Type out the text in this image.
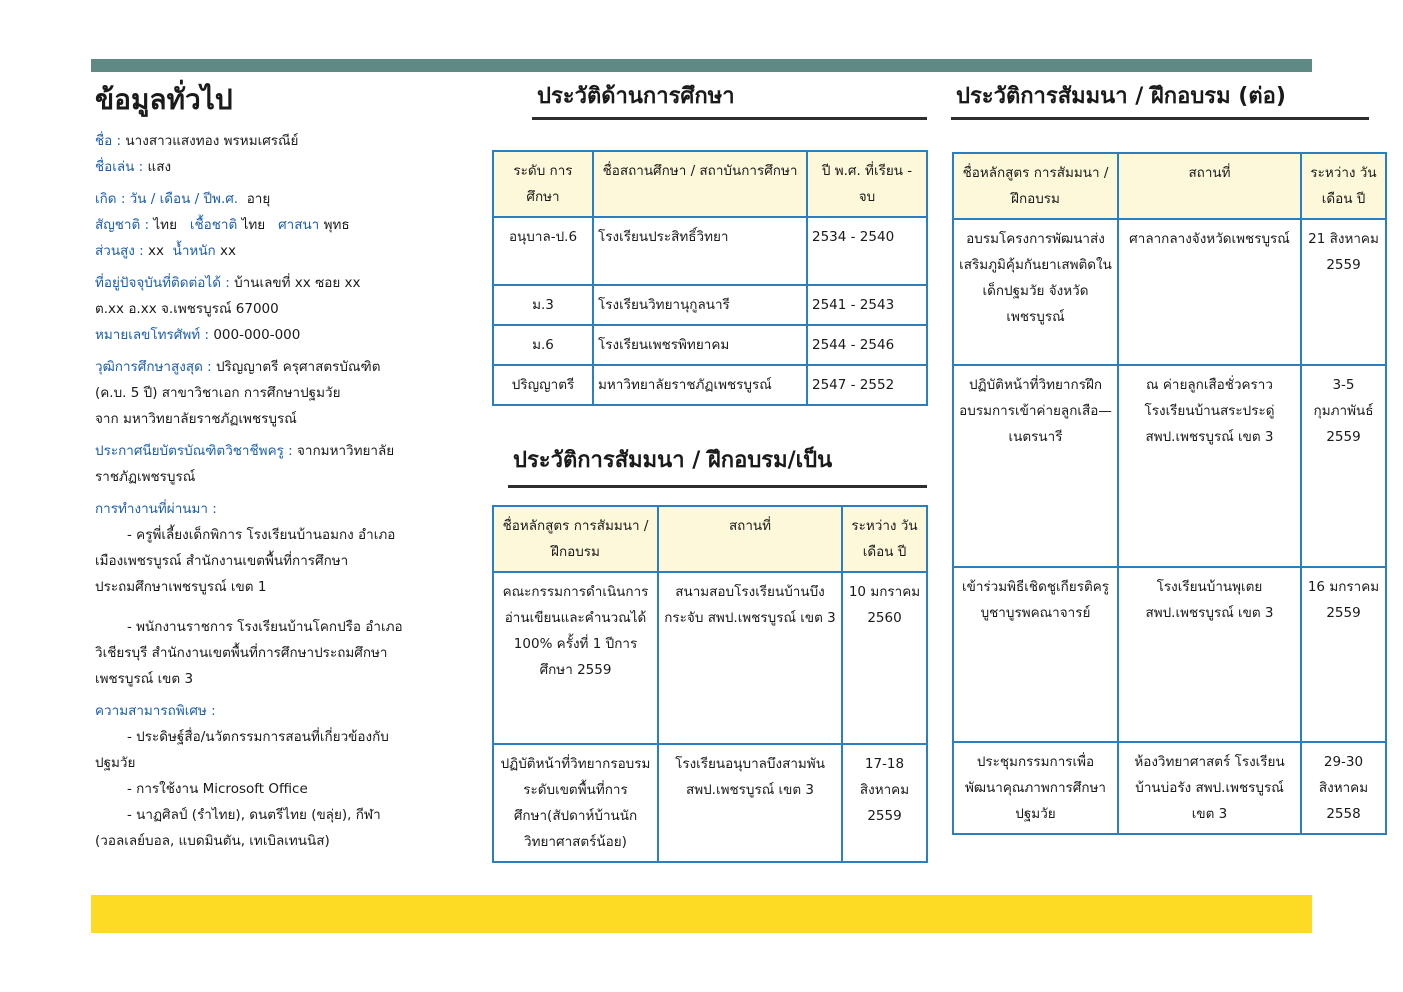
ข้อมูลทั่วไป
ชื่อ : นางสาวแสงทอง พรหมเศรณีย์
ชื่อเล่น : แสง
เกิด : วัน / เดือน / ปีพ.ศ. อายุ
สัญชาติ : ไทย เชื้อชาติ ไทย ศาสนา พุทธ
ส่วนสูง : xx น้ำหนัก xx
ที่อยู่ปัจจุบันที่ติดต่อได้ : บ้านเลขที่ xx ซอย xx
ต.xx อ.xx จ.เพชรบูรณ์ 67000
หมายเลขโทรศัพท์ : 000-000-000
วุฒิการศึกษาสูงสุด : ปริญญาตรี ครุศาสตรบัณฑิต
(ค.บ. 5 ปี) สาขาวิชาเอก การศึกษาปฐมวัย
จาก มหาวิทยาลัยราชภัฏเพชรบูรณ์
ประกาศนียบัตรบัณฑิตวิชาชีพครู : จากมหาวิทยาลัย
ราชภัฏเพชรบูรณ์
การทำงานที่ผ่านมา :
- ครูพี่เลี้ยงเด็กพิการ โรงเรียนบ้านอมกง อำเภอ
เมืองเพชรบูรณ์ สำนักงานเขตพื้นที่การศึกษา
ประถมศึกษาเพชรบูรณ์ เขต 1
- พนักงานราชการ โรงเรียนบ้านโคกปรือ อำเภอ
วิเชียรบุรี สำนักงานเขตพื้นที่การศึกษาประถมศึกษา
เพชรบูรณ์ เขต 3
ความสามารถพิเศษ :
- ประดิษฐ์สื่อ/นวัตกรรมการสอนที่เกี่ยวข้องกับ
ปฐมวัย
- การใช้งาน Microsoft Office
- นาฏศิลป์ (รำไทย), ดนตรีไทย (ขลุ่ย), กีฬา
(วอลเลย์บอล, แบดมินตัน, เทเบิลเทนนิส)
ประวัติด้านการศึกษา
ระดับ การศึกษา	ชื่อสถานศึกษา / สถาบันการศึกษา	ปี พ.ศ. ที่เรียน - จบ
อนุบาล-ป.6	โรงเรียนประสิทธิ์วิทยา	2534 - 2540
ม.3	โรงเรียนวิทยานุกูลนารี	2541 - 2543
ม.6	โรงเรียนเพชรพิทยาคม	2544 - 2546
ปริญญาตรี	มหาวิทยาลัยราชภัฏเพชรบูรณ์	2547 - 2552
ประวัติการสัมมนา / ฝึกอบรม/เป็น
ชื่อหลักสูตร การสัมมนา / ฝึกอบรม	สถานที่	ระหว่าง วัน เดือน ปี
คณะกรรมการดำเนินการอ่านเขียนและคำนวณได้ 100% ครั้งที่ 1 ปีการศึกษา 2559	สนามสอบโรงเรียนบ้านบึงกระจับ สพป.เพชรบูรณ์ เขต 3	10 มกราคม 2560
ปฏิบัติหน้าที่วิทยากรอบรม ระดับเขตพื้นที่การศึกษา(สัปดาห์บ้านนักวิทยาศาสตร์น้อย)	โรงเรียนอนุบาลบึงสามพัน สพป.เพชรบูรณ์ เขต 3	17-18 สิงหาคม 2559
ประวัติการสัมมนา / ฝึกอบรม (ต่อ)
ชื่อหลักสูตร การสัมมนา / ฝึกอบรม	สถานที่	ระหว่าง วัน เดือน ปี
อบรมโครงการพัฒนาส่งเสริมภูมิคุ้มกันยาเสพติดในเด็กปฐมวัย จังหวัดเพชรบูรณ์	ศาลากลางจังหวัดเพชรบูรณ์	21 สิงหาคม 2559
ปฏิบัติหน้าที่วิทยากรฝึกอบรมการเข้าค่ายลูกเสือ—เนตรนารี	ณ ค่ายลูกเสือชั่วคราว โรงเรียนบ้านสระประดู่ สพป.เพชรบูรณ์ เขต 3	3-5 กุมภาพันธ์ 2559
เข้าร่วมพิธีเชิดชูเกียรติครูบูชาบูรพคณาจารย์	โรงเรียนบ้านพุเตย สพป.เพชรบูรณ์ เขต 3	16 มกราคม 2559
ประชุมกรรมการเพื่อพัฒนาคุณภาพการศึกษาปฐมวัย	ห้องวิทยาศาสตร์ โรงเรียนบ้านบ่อรัง สพป.เพชรบูรณ์ เขต 3	29-30 สิงหาคม 2558
